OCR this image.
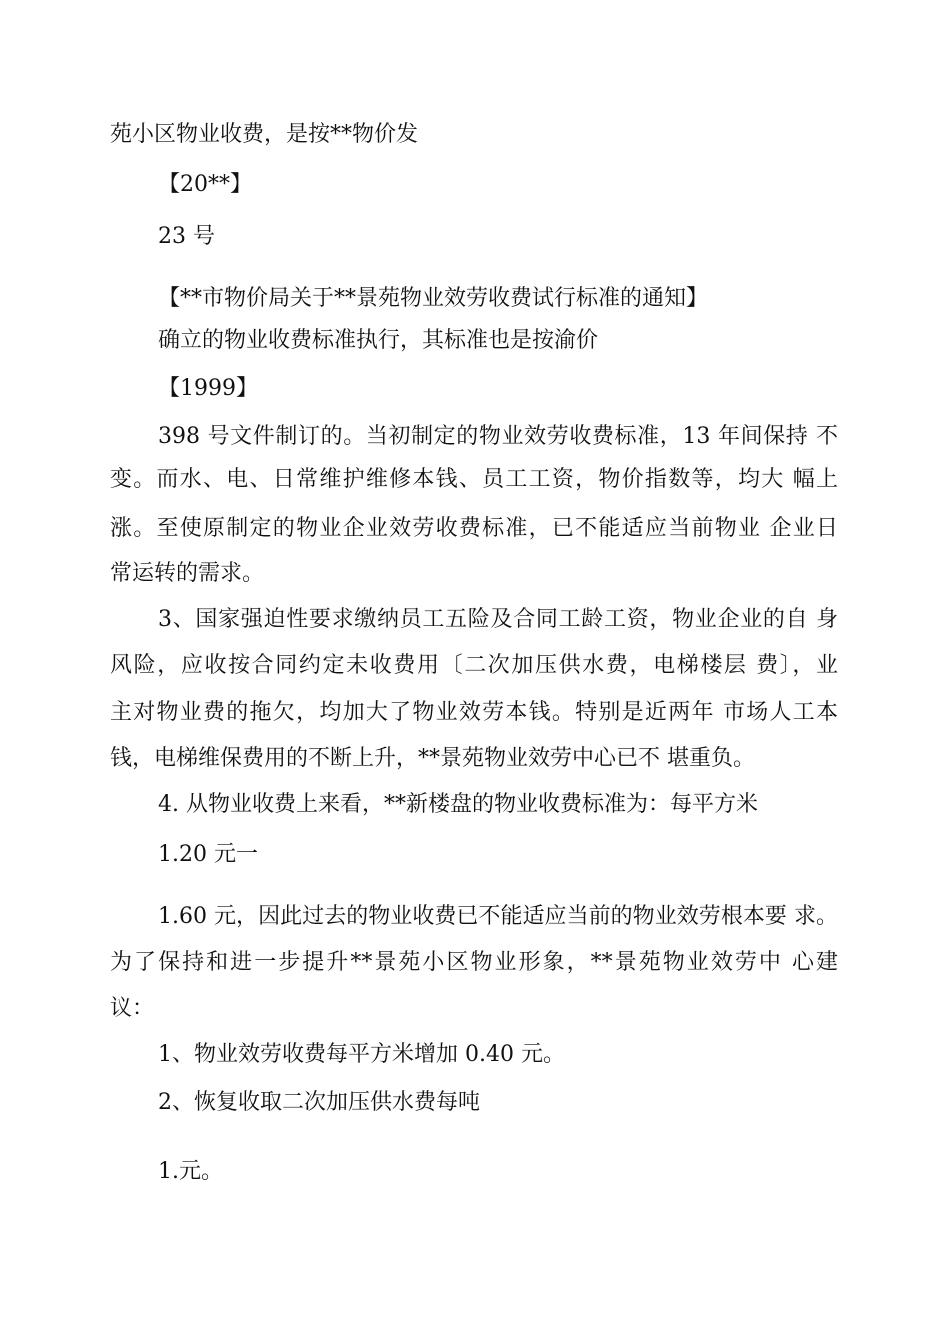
苑小区物业收费，是按**物价发
【20**】
23 号
【**市物价局关于**景苑物业效劳收费试行标准的通知】
确立的物业收费标准执行，其标准也是按渝价
【1999】
398 号文件制订的。当初制定的物业效劳收费标准，13 年间保持 不
变。而水、电、日常维护维修本钱、员工工资，物价指数等，均大 幅上
涨。至使原制定的物业企业效劳收费标准，已不能适应当前物业 企业日
常运转的需求。
3、国家强迫性要求缴纳员工五险及合同工龄工资，物业企业的自 身
风险，应收按合同约定未收费用〔二次加压供水费，电梯楼层 费〕，业
主对物业费的拖欠，均加大了物业效劳本钱。特别是近两年 市场人工本
钱，电梯维保费用的不断上升，**景苑物业效劳中心已不 堪重负。
4. 从物业收费上来看，**新楼盘的物业收费标准为：每平方米
1.20 元一
1.60 元，因此过去的物业收费已不能适应当前的物业效劳根本要 求。
为了保持和进一步提升**景苑小区物业形象，**景苑物业效劳中 心建
议：
1、物业效劳收费每平方米增加 0.40 元。
2、恢复收取二次加压供水费每吨
1.元。
